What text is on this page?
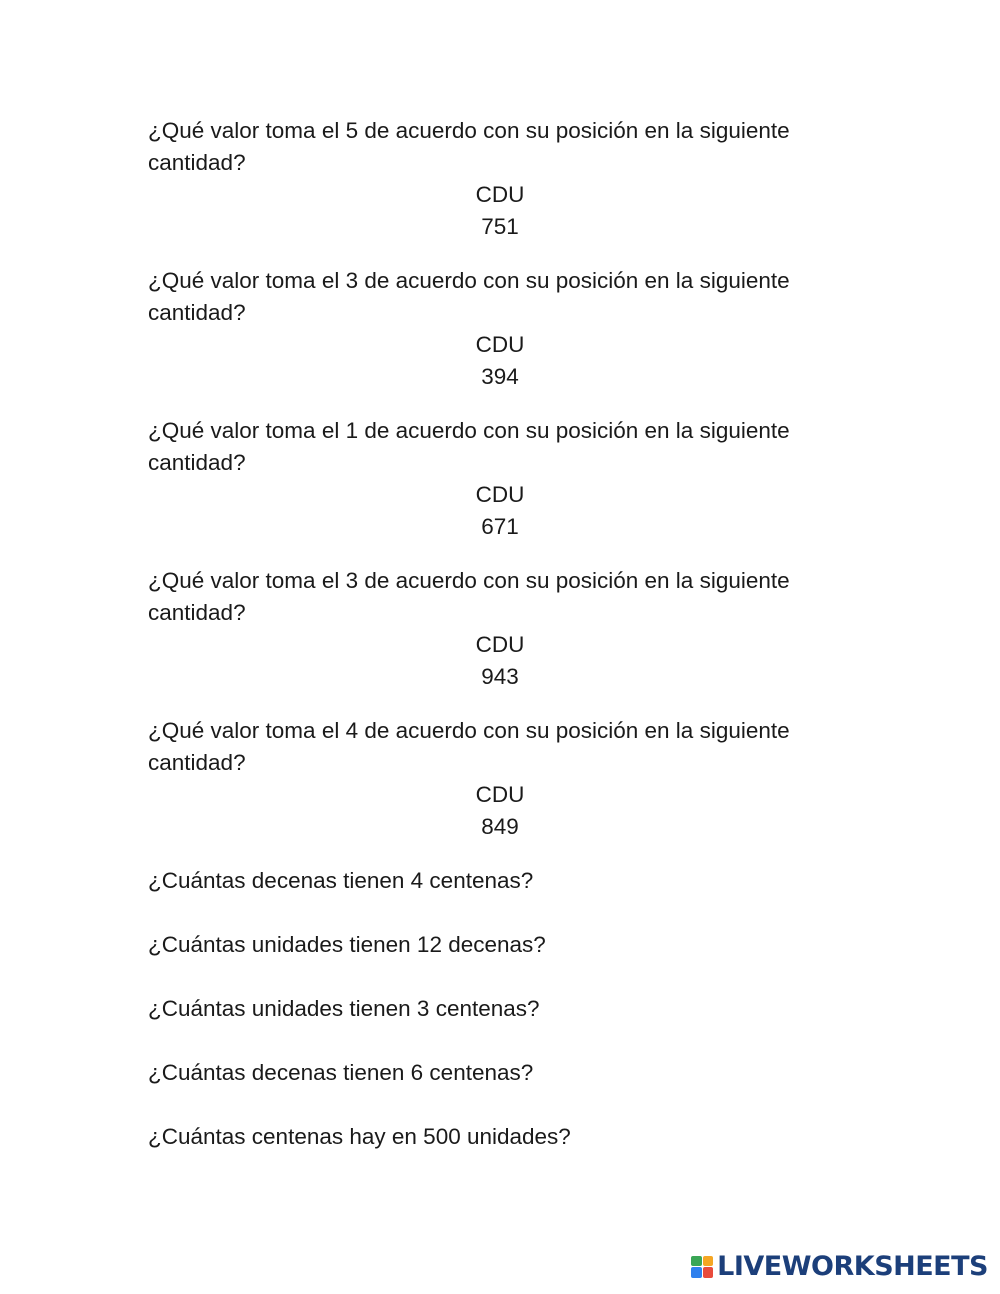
¿Qué valor toma el 5 de acuerdo con su posición en la siguiente cantidad?
CDU
751
¿Qué valor toma el 3 de acuerdo con su posición en la siguiente cantidad?
CDU
394
¿Qué valor toma el 1 de acuerdo con su posición en la siguiente cantidad?
CDU
671
¿Qué valor toma el 3 de acuerdo con su posición en la siguiente cantidad?
CDU
943
¿Qué valor toma el 4 de acuerdo con su posición en la siguiente cantidad?
CDU
849
¿Cuántas decenas tienen 4 centenas?
¿Cuántas unidades tienen 12 decenas?
¿Cuántas unidades tienen 3 centenas?
¿Cuántas decenas tienen 6 centenas?
¿Cuántas centenas hay en 500 unidades?
LIVEWORKSHEETS
